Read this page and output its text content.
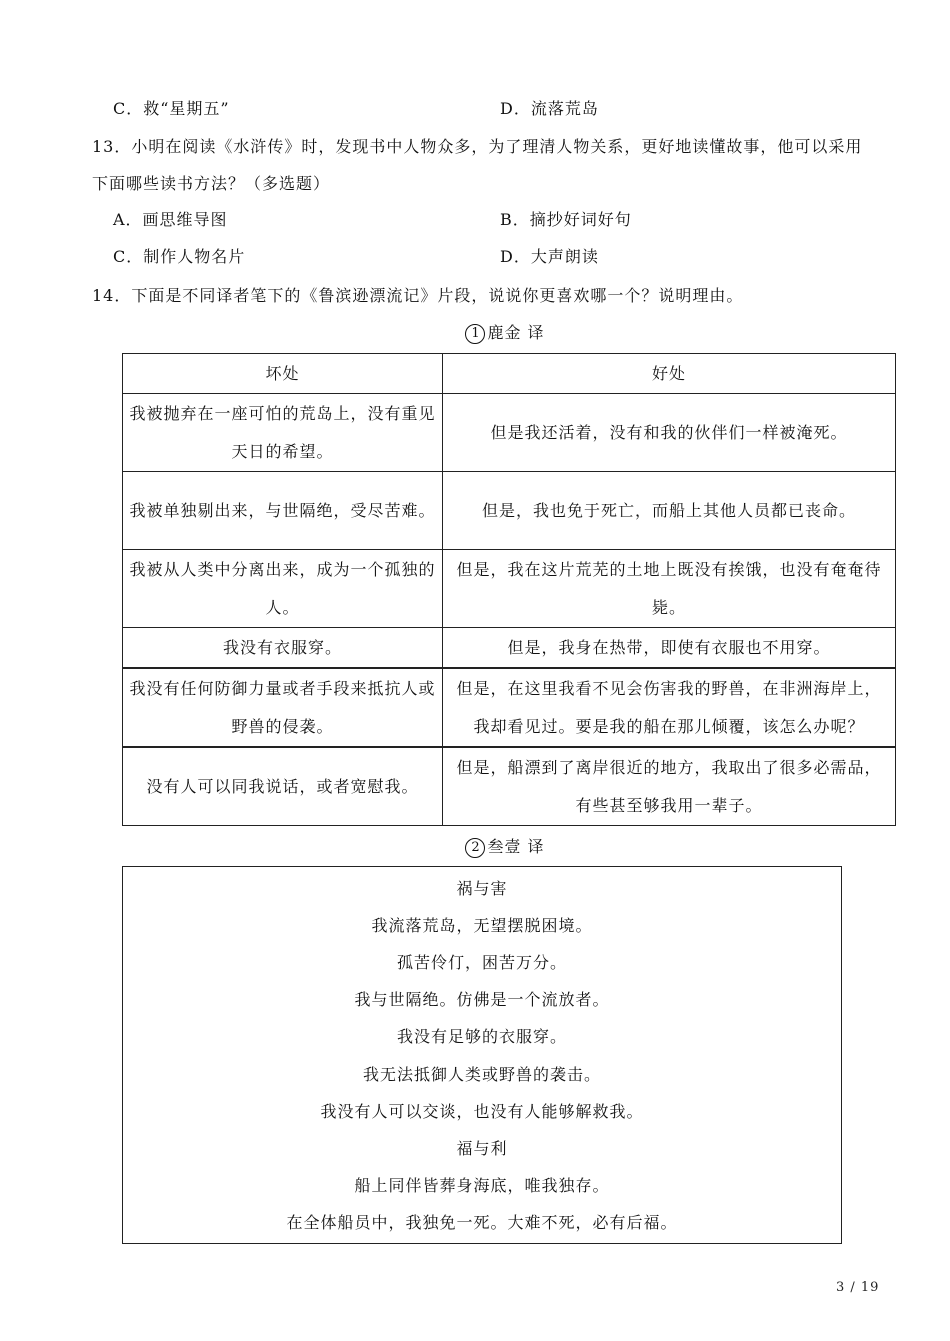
C．救“星期五”	D．流落荒岛
13．小明在阅读《水浒传》时，发现书中人物众多，为了理清人物关系，更好地读懂故事，他可以采用
下面哪些读书方法？（多选题）
A．画思维导图	B．摘抄好词好句
C．制作人物名片	D．大声朗读
14．下面是不同译者笔下的《鲁滨逊漂流记》片段，说说你更喜欢哪一个？说明理由。
1 鹿金 译
坏处	好处
我被抛弃在一座可怕的荒岛上，没有重见天日的希望。	但是我还活着，没有和我的伙伴们一样被淹死。
我被单独剔出来，与世隔绝，受尽苦难。	但是，我也免于死亡，而船上其他人员都已丧命。
我被从人类中分离出来，成为一个孤独的人。	但是，我在这片荒芜的土地上既没有挨饿，也没有奄奄待毙。
我没有衣服穿。	但是，我身在热带，即使有衣服也不用穿。
我没有任何防御力量或者手段来抵抗人或野兽的侵袭。	但是，在这里我看不见会伤害我的野兽，在非洲海岸上，我却看见过。要是我的船在那儿倾覆，该怎么办呢？
没有人可以同我说话，或者宽慰我。	但是，船漂到了离岸很近的地方，我取出了很多必需品，有些甚至够我用一辈子。
2 叁壹 译
祸与害
我流落荒岛，无望摆脱困境。
孤苦伶仃，困苦万分。
我与世隔绝。仿佛是一个流放者。
我没有足够的衣服穿。
我无法抵御人类或野兽的袭击。
我没有人可以交谈，也没有人能够解救我。
福与利
船上同伴皆葬身海底，唯我独存。
在全体船员中，我独免一死。大难不死，必有后福。
3 / 19
